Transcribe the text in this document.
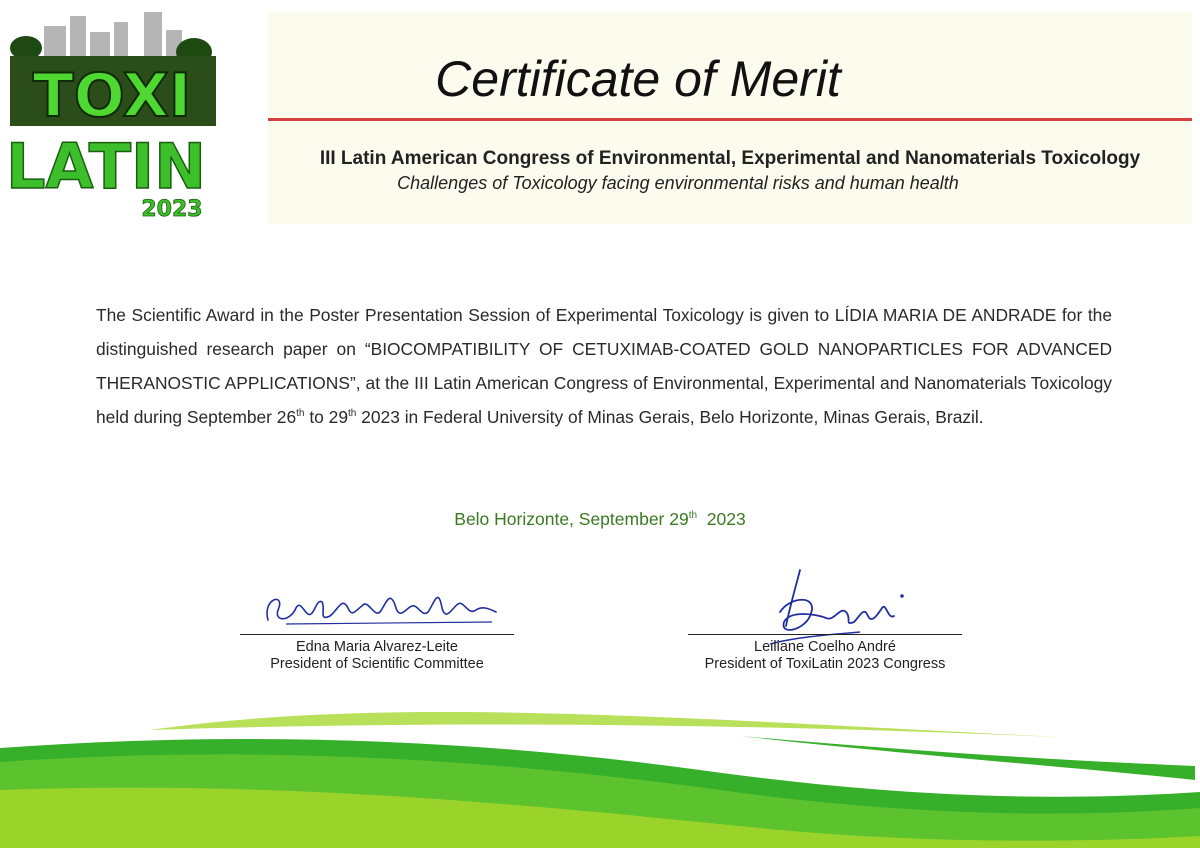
TOXI
LATIN
2023
Certificate of Merit
III Latin American Congress of Environmental, Experimental and Nanomaterials Toxicology
Challenges of Toxicology facing environmental risks and human health

The Scientific Award in the Poster Presentation Session of Experimental Toxicology is given to LÍDIA MARIA DE ANDRADE for the distinguished research paper on “BIOCOMPATIBILITY OF CETUXIMAB-COATED GOLD NANOPARTICLES FOR ADVANCED THERANOSTIC APPLICATIONS”, at the III Latin American Congress of Environmental, Experimental and Nanomaterials Toxicology held during September 26th to 29th 2023 in Federal University of Minas Gerais, Belo Horizonte, Minas Gerais, Brazil.

Belo Horizonte, September 29th  2023
Edna Maria Alvarez-Leite
President of Scientific Committee
Leiliane Coelho André
President of ToxiLatin 2023 Congress
